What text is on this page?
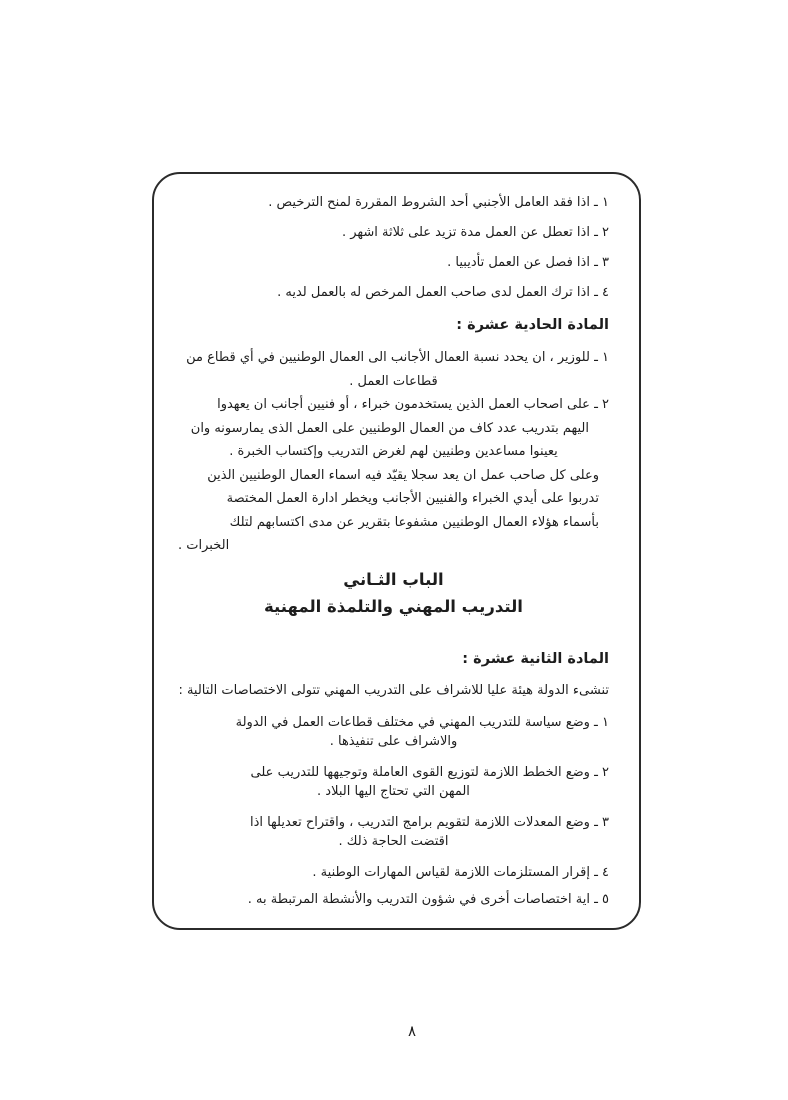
١ ـ اذا فقد العامل الأجنبي أحد الشروط المقررة لمنح الترخيص .
٢ ـ اذا تعطل عن العمل مدة تزيد على ثلاثة اشهر .
٣ ـ اذا فصل عن العمل تأديبيا .
٤ ـ اذا ترك العمل لدى صاحب العمل المرخص له بالعمل لديه .
المادة الحادية عشرة :
١ ـ للوزير ، ان يحدد نسبة العمال الأجانب الى العمال الوطنيين في أي قطاع من
قطاعات العمل .
٢ ـ على اصحاب العمل الذين يستخدمون خبراء ، أو فنيين أجانب ان يعهدوا
اليهم بتدريب عدد كاف من العمال الوطنيين على العمل الذى يمارسونه وان
يعينوا مساعدين وطنيين لهم لغرض التدريب وإكتساب الخبرة .
وعلى كل صاحب عمل ان يعد سجلا يقيّد فيه اسماء العمال الوطنيين الذين
تدربوا على أيدي الخبراء والفنيين الأجانب ويخطر ادارة العمل المختصة
بأسماء هؤلاء العمال الوطنيين مشفوعا بتقرير عن مدى اكتسابهم لتلك
الخبرات .
الباب الثـاني
التدريب المهني والتلمذة المهنية
المادة الثانية عشرة :
تنشىء الدولة هيئة عليا للاشراف على التدريب المهني تتولى الاختصاصات التالية :
١ ـ وضع سياسة للتدريب المهني في مختلف قطاعات العمل في الدولة
والاشراف على تنفيذها .
٢ ـ وضع الخطط اللازمة لتوزيع القوى العاملة وتوجيهها للتدريب على
المهن التي تحتاج اليها البلاد .
٣ ـ وضع المعدلات اللازمة لتقويم برامج التدريب ، واقتراح تعديلها اذا
اقتضت الحاجة ذلك .
٤ ـ إقرار المستلزمات اللازمة لقياس المهارات الوطنية .
٥ ـ اية اختصاصات أخرى في شؤون التدريب والأنشطة المرتبطة به .
٨
